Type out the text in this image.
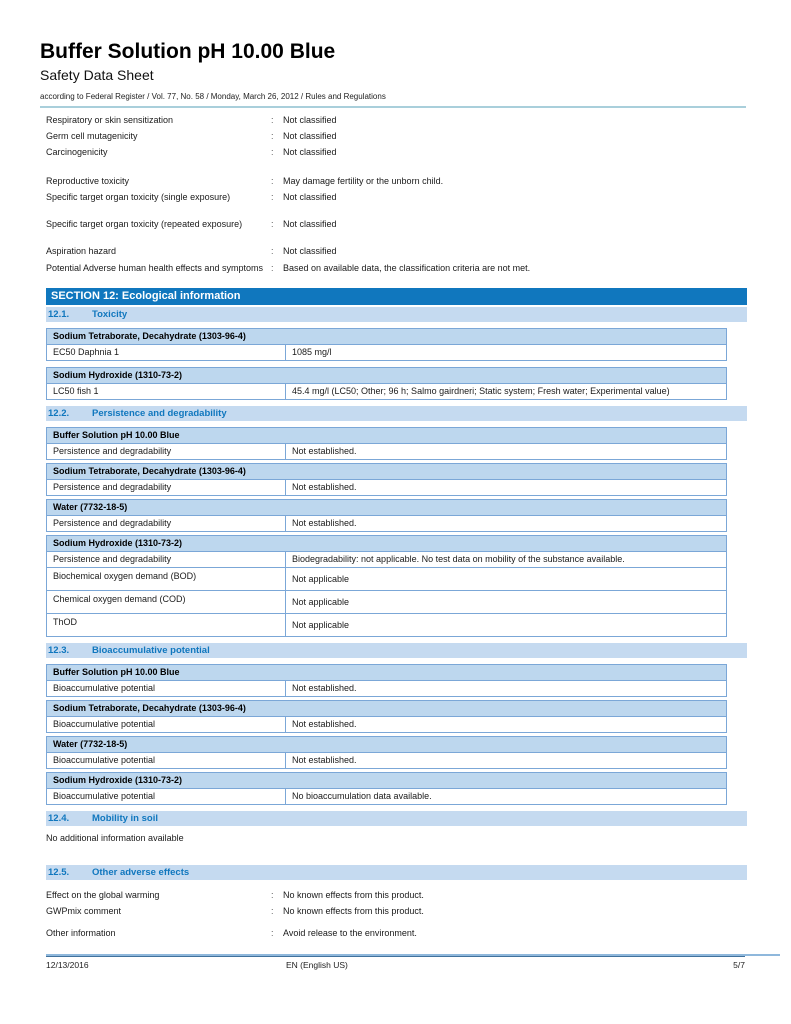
Buffer Solution pH 10.00 Blue
Safety Data Sheet
according to Federal Register / Vol. 77, No. 58 / Monday, March 26, 2012 / Rules and Regulations
Respiratory or skin sensitization	:	Not classified
Germ cell mutagenicity	:	Not classified
Carcinogenicity	:	Not classified
Reproductive toxicity	:	May damage fertility or the unborn child.
Specific target organ toxicity (single exposure)	:	Not classified
Specific target organ toxicity (repeated exposure)	:	Not classified
Aspiration hazard	:	Not classified
Potential Adverse human health effects and symptoms :	Based on available data, the classification criteria are not met.
SECTION 12: Ecological information
12.1. Toxicity
Sodium Tetraborate, Decahydrate (1303-96-4)
EC50 Daphnia 1	1085 mg/l
Sodium Hydroxide (1310-73-2)
LC50 fish 1	45.4 mg/l (LC50; Other; 96 h; Salmo gairdneri; Static system; Fresh water; Experimental value)
12.2. Persistence and degradability
Buffer Solution pH 10.00 Blue
Persistence and degradability	Not established.
Sodium Tetraborate, Decahydrate (1303-96-4)
Persistence and degradability	Not established.
Water (7732-18-5)
Persistence and degradability	Not established.
Sodium Hydroxide (1310-73-2)
Persistence and degradability	Biodegradability: not applicable. No test data on mobility of the substance available.
Biochemical oxygen demand (BOD)	Not applicable
Chemical oxygen demand (COD)	Not applicable
ThOD	Not applicable
12.3. Bioaccumulative potential
Buffer Solution pH 10.00 Blue
Bioaccumulative potential	Not established.
Sodium Tetraborate, Decahydrate (1303-96-4)
Bioaccumulative potential	Not established.
Water (7732-18-5)
Bioaccumulative potential	Not established.
Sodium Hydroxide (1310-73-2)
Bioaccumulative potential	No bioaccumulation data available.
12.4. Mobility in soil
No additional information available
12.5. Other adverse effects
Effect on the global warming	:	No known effects from this product.
GWPmix comment	:	No known effects from this product.
Other information	:	Avoid release to the environment.
12/13/2016	EN (English US)	5/7
